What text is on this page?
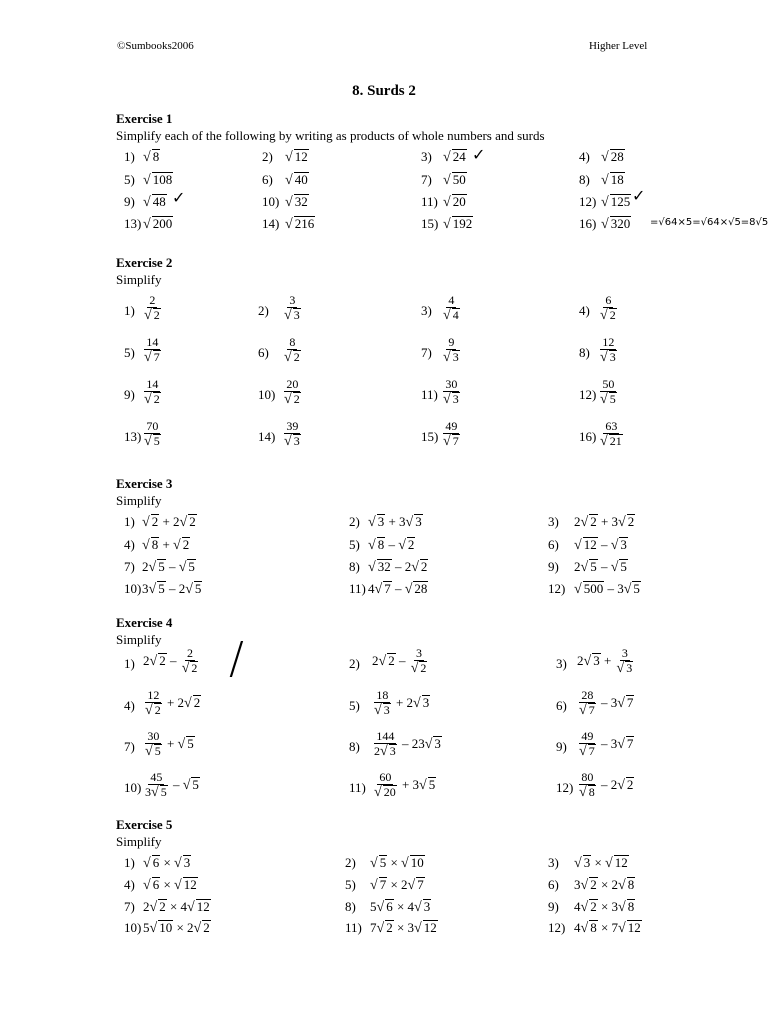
©Sumbooks2006	Higher Level
8. Surds 2
Exercise 1
Simplify each of the following by writing as products of whole numbers and surds
Exercise 2
Simplify
Exercise 3
Simplify
Exercise 4
Simplify
Exercise 5
Simplify
1) √ 8	2) √ 12	3) √ 24	4) √ 28
5) √ 108	6) √ 40	7) √ 50	8) √ 18
9) √ 48	10) √ 32	11) √ 20	12) √ 125
13) √ 200	14) √ 216	15) √ 192	16) √ 320
✓
✓	✓
=√64×5=√64×√5=8√5
$1) \frac{2}{√ 2}$	$2) \frac{3}{√ 3}$	$3) \frac{4}{√ 4}$	$4) \frac{6}{√ 2}$
$5) \frac{14}{√ 7}$	$6) \frac{8}{√ 2}$	$7) \frac{9}{√ 3}$	$8) \frac{12}{√ 3}$
$9) \frac{14}{√ 2}$	$10) \frac{20}{√ 2}$	$11) \frac{30}{√ 3}$	$12) \frac{50}{√ 5}$
$13) \frac{70}{√ 5}$	$14) \frac{39}{√ 3}$	$15) \frac{49}{√ 7}$	$16) \frac{63}{√ 21}$
1) √ 2 + 2√ 2	2) √ 3 + 3√ 3	3) 2√ 2 + 3√ 2
4) √ 8 + √ 2	5) √ 8 – √ 2	6) √ 12 – √ 3
7) 2√ 5 – √ 5	8) √ 32 – 2√ 2	9) 2√ 5 – √ 5
10) 3√ 5 – 2√ 5	11) 4√ 7 – √ 28	12) √ 500 – 3√ 5
1) 2√ $2 - \frac{2}{√ 2}$	2) 2√ $2 - \frac{3}{√ 2}$	3) 2√ $3 + \frac{3}{√ 3}$
$4) \frac{12}{√ 2} + 2√$ 2	$5) \frac{18}{√ 3} + 2√$ 3	$6) \frac{28}{√ 7} - 3√$ 7
$7) \frac{30}{√ 5}$ + √ 5	$8) \frac{144}{2√ 3} - 23√$ 3	$9) \frac{49}{√ 7} - 3√$ 7
$10) \frac{45}{3√ 5}$ – √ 5	$11) \frac{60}{√ 20} + 3√$ 5	$12) \frac{80}{√ 8} - 2√$ 2
/
1) √ 6 × √ 3	2) √ 5 × √ 10	3) √ 3 × √ 12
4) √ 6 × √ 12	5) √ 7 × 2√ 7	6) 3√ 2 × 2√ 8
7) 2√ 2 × 4√ 12	8) 5√ 6 × 4√ 3	9) 4√ 2 × 3√ 8
10) 5√ 10 × 2√ 2	11) 7√ 2 × 3√ 12	12) 4√ 8 × 7√ 12
